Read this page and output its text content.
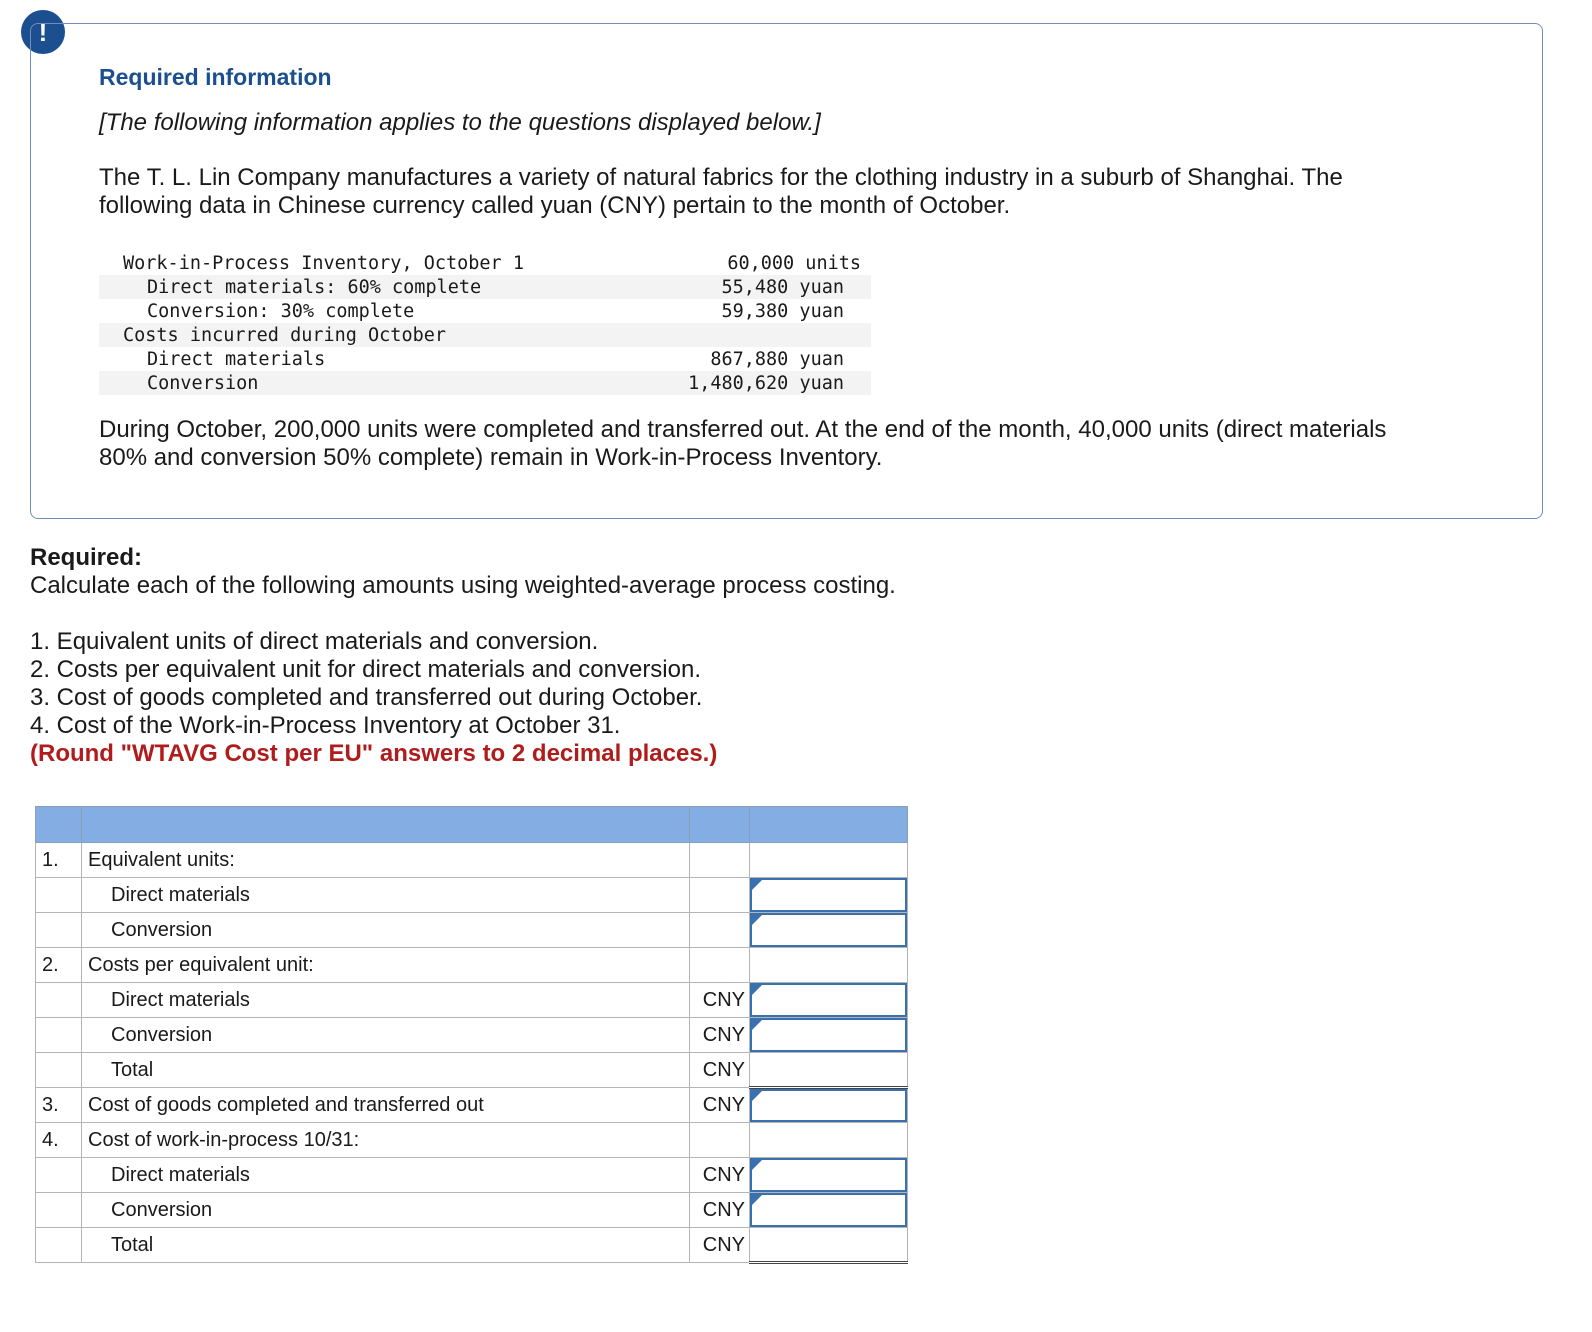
!
Required information
[The following information applies to the questions displayed below.]
The T. L. Lin Company manufactures a variety of natural fabrics for the clothing industry in a suburb of Shanghai. The following data in Chinese currency called yuan (CNY) pertain to the month of October.
Work-in-Process Inventory, October 1	60,000 units
Direct materials: 60% complete	55,480 yuan
Conversion: 30% complete	59,380 yuan
Costs incurred during October	
Direct materials	867,880 yuan
Conversion	1,480,620 yuan
During October, 200,000 units were completed and transferred out. At the end of the month, 40,000 units (direct materials 80% and conversion 50% complete) remain in Work-in-Process Inventory.
Required:
Calculate each of the following amounts using weighted-average process costing.
1. Equivalent units of direct materials and conversion.
2. Costs per equivalent unit for direct materials and conversion.
3. Cost of goods completed and transferred out during October.
4. Cost of the Work-in-Process Inventory at October 31.
(Round "WTAVG Cost per EU" answers to 2 decimal places.)

1.	Equivalent units:		
	Direct materials		

	Conversion		

2.	Costs per equivalent unit:		
	Direct materials	CNY	

	Conversion	CNY	

	Total	CNY	
3.	Cost of goods completed and transferred out	CNY	

4.	Cost of work-in-process 10/31:		
	Direct materials	CNY	

	Conversion	CNY	

	Total	CNY	
